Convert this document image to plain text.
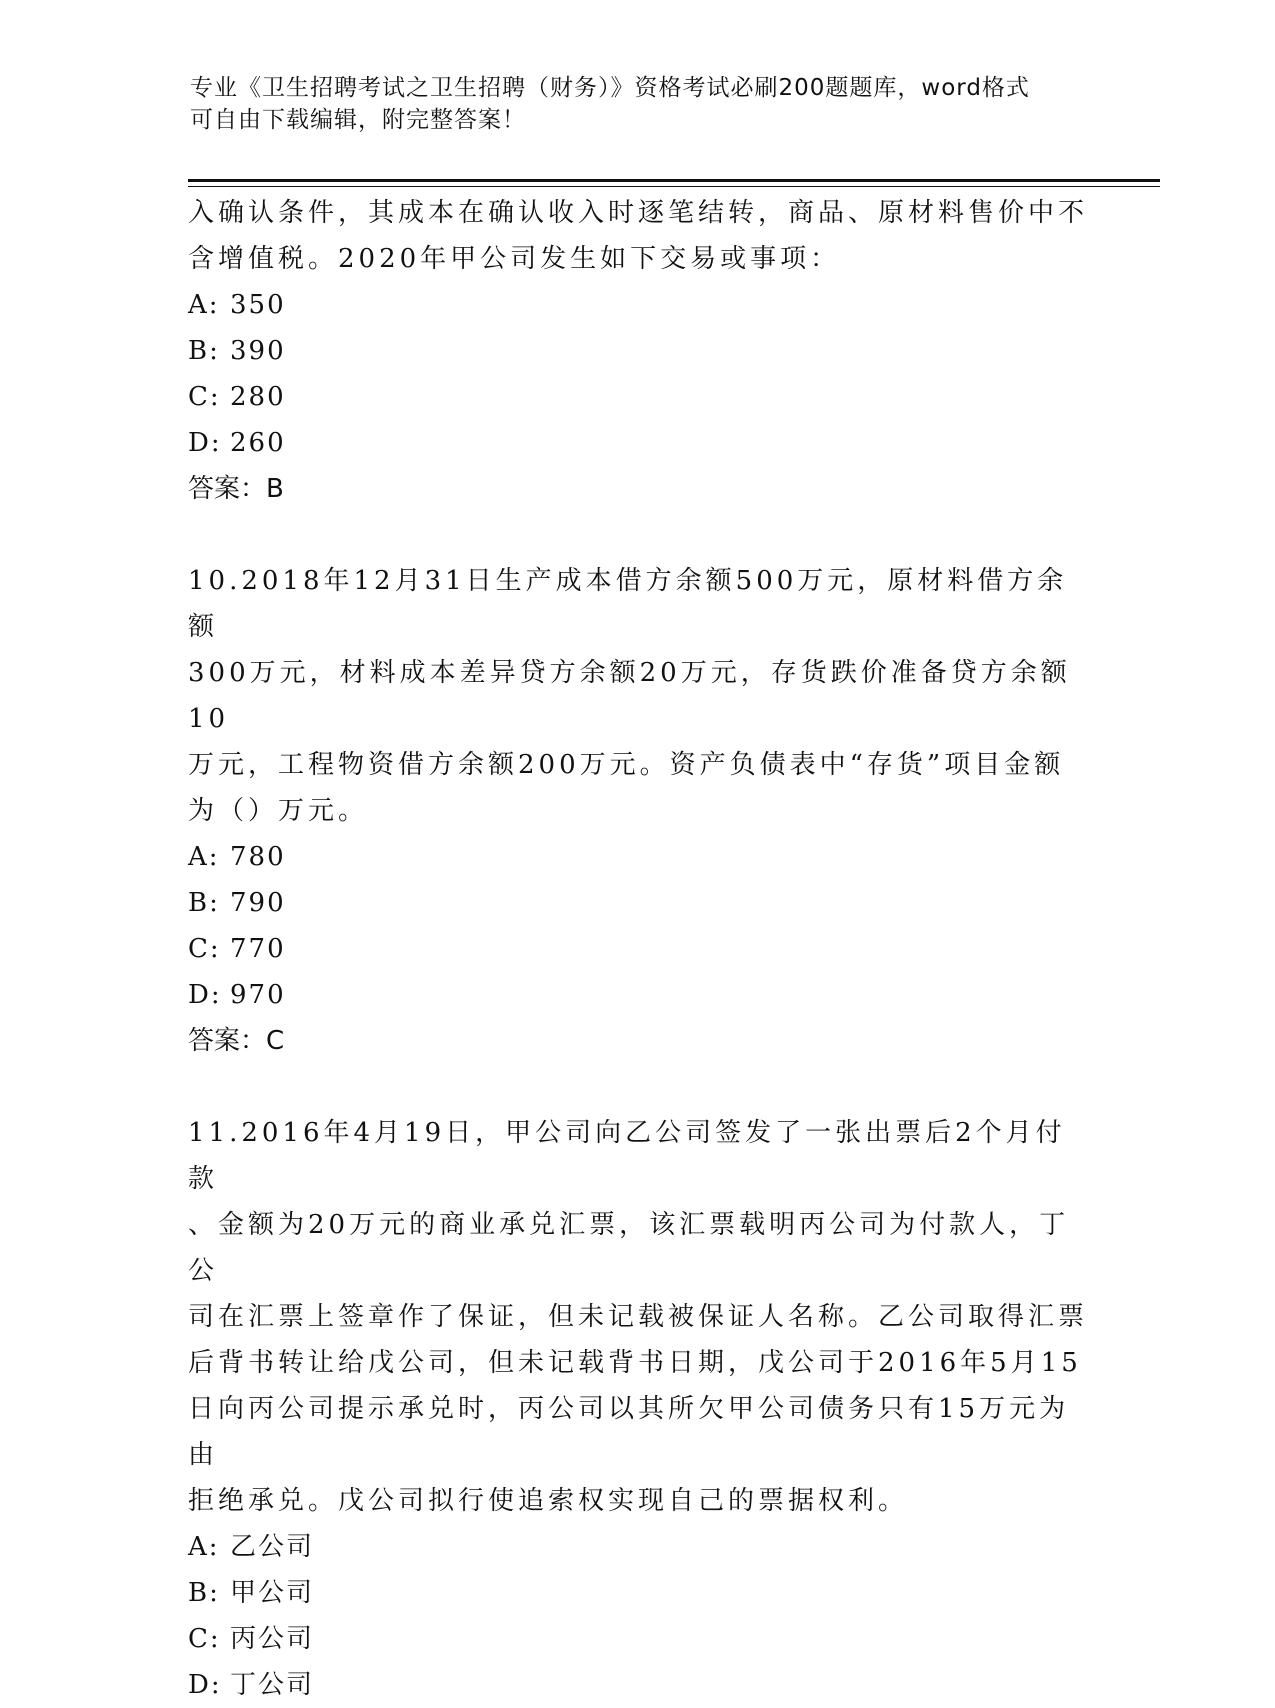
专业《卫生招聘考试之卫生招聘（财务）》资格考试必刷200题题库，word格式
可自由下载编辑，附完整答案！

入确认条件，其成本在确认收入时逐笔结转，商品、原材料售价中不

含增值税。2020年甲公司发生如下交易或事项：

A: 350

B: 390

C: 280

D: 260

答案：B

10.2018年12月31日生产成本借方余额500万元，原材料借方余额

300万元，材料成本差异贷方余额20万元，存货跌价准备贷方余额10

万元，工程物资借方余额200万元。资产负债表中“存货”项目金额

为（）万元。

A: 780

B: 790

C: 770

D: 970

答案：C

11.2016年4月19日，甲公司向乙公司签发了一张出票后2个月付款

、金额为20万元的商业承兑汇票，该汇票载明丙公司为付款人，丁公

司在汇票上签章作了保证，但未记载被保证人名称。乙公司取得汇票

后背书转让给戊公司，但未记载背书日期，戊公司于2016年5月15

日向丙公司提示承兑时，丙公司以其所欠甲公司债务只有15万元为由

拒绝承兑。戊公司拟行使追索权实现自己的票据权利。

A: 乙公司

B: 甲公司

C: 丙公司

D: 丁公司
